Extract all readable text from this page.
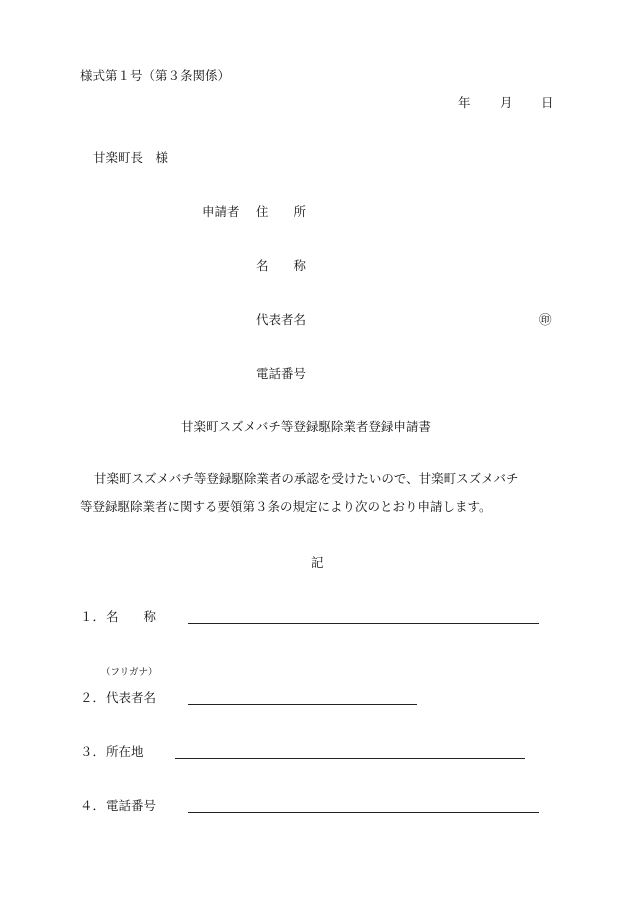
様式第１号（第３条関係）
年 月 日
甘楽町長　様
申請者 住　　所
名　　称
代表者名	㊞
電話番号
甘楽町スズメバチ等登録駆除業者登録申請書
甘楽町スズメバチ等登録駆除業者の承認を受けたいので、甘楽町スズメバチ
等登録駆除業者に関する要領第３条の規定により次のとおり申請します。
記
１． 名　　称
（フリガナ）
２． 代表者名
３． 所在地
４． 電話番号
